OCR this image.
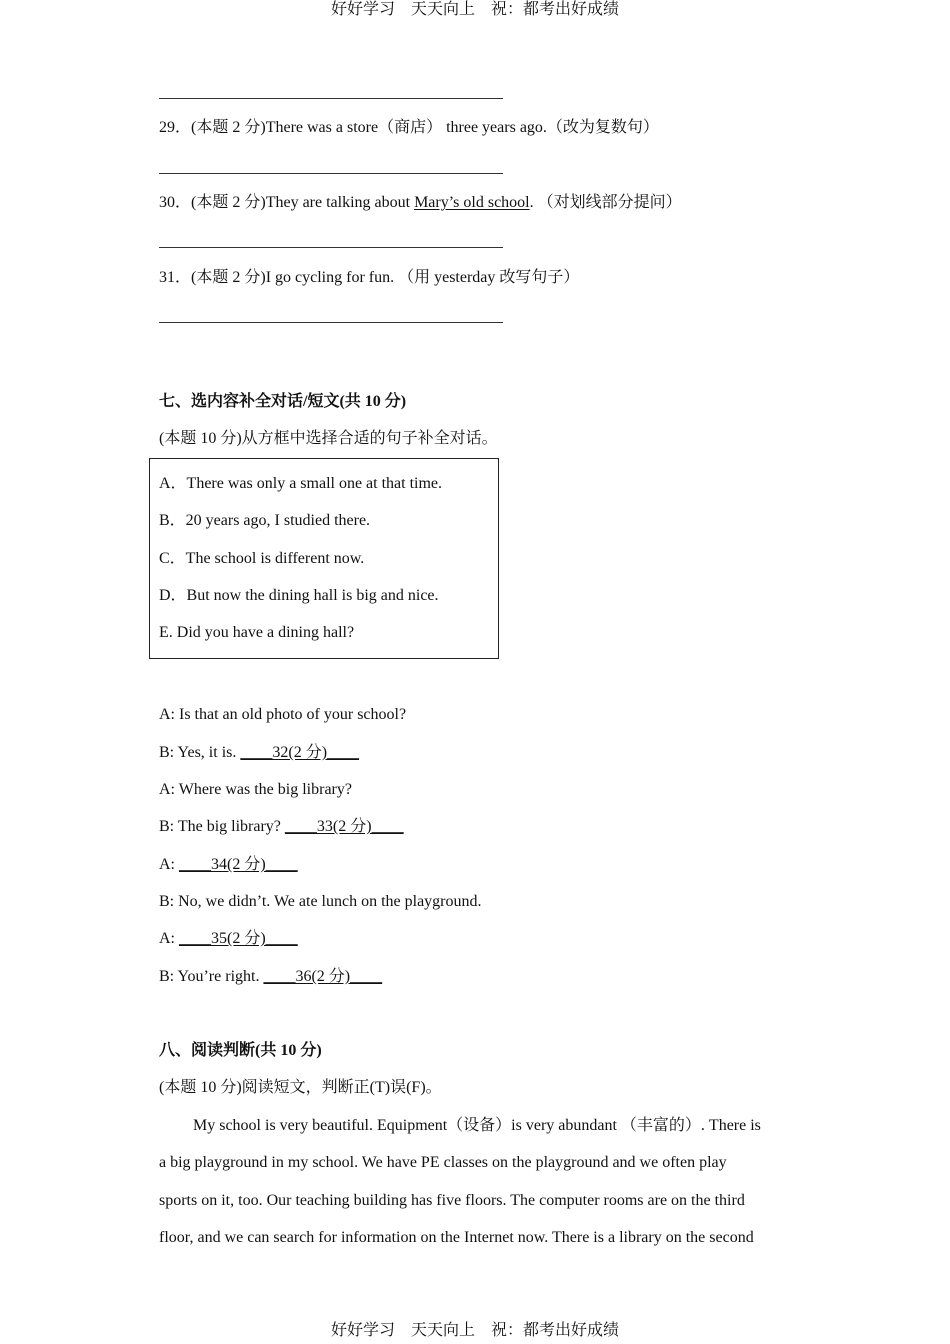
好好学习　天天向上　祝：都考出好成绩
29．(本题 2 分)There was a store（商店） three years ago.（改为复数句）
30．(本题 2 分)They are talking about Mary’s old school. （对划线部分提问）
31．(本题 2 分)I go cycling for fun. （用 yesterday 改写句子）
七、选内容补全对话/短文(共 10 分)
(本题 10 分)从方框中选择合适的句子补全对话。
A．There was only a small one at that time.
B．20 years ago, I studied there.
C．The school is different now.
D．But now the dining hall is big and nice.
E. Did you have a dining hall?
A: Is that an old photo of your school?
B: Yes, it is. ____32(2 分)____
A: Where was the big library?
B: The big library? ____33(2 分)____
A: ____34(2 分)____
B: No, we didn’t. We ate lunch on the playground.
A: ____35(2 分)____
B: You’re right. ____36(2 分)____
八、阅读判断(共 10 分)
(本题 10 分)阅读短文，判断正(T)误(F)。
My school is very beautiful. Equipment（设备）is very abundant （丰富的）. There is
a big playground in my school. We have PE classes on the playground and we often play
sports on it, too. Our teaching building has five floors. The computer rooms are on the third
floor, and we can search for information on the Internet now. There is a library on the second
好好学习　天天向上　祝：都考出好成绩
